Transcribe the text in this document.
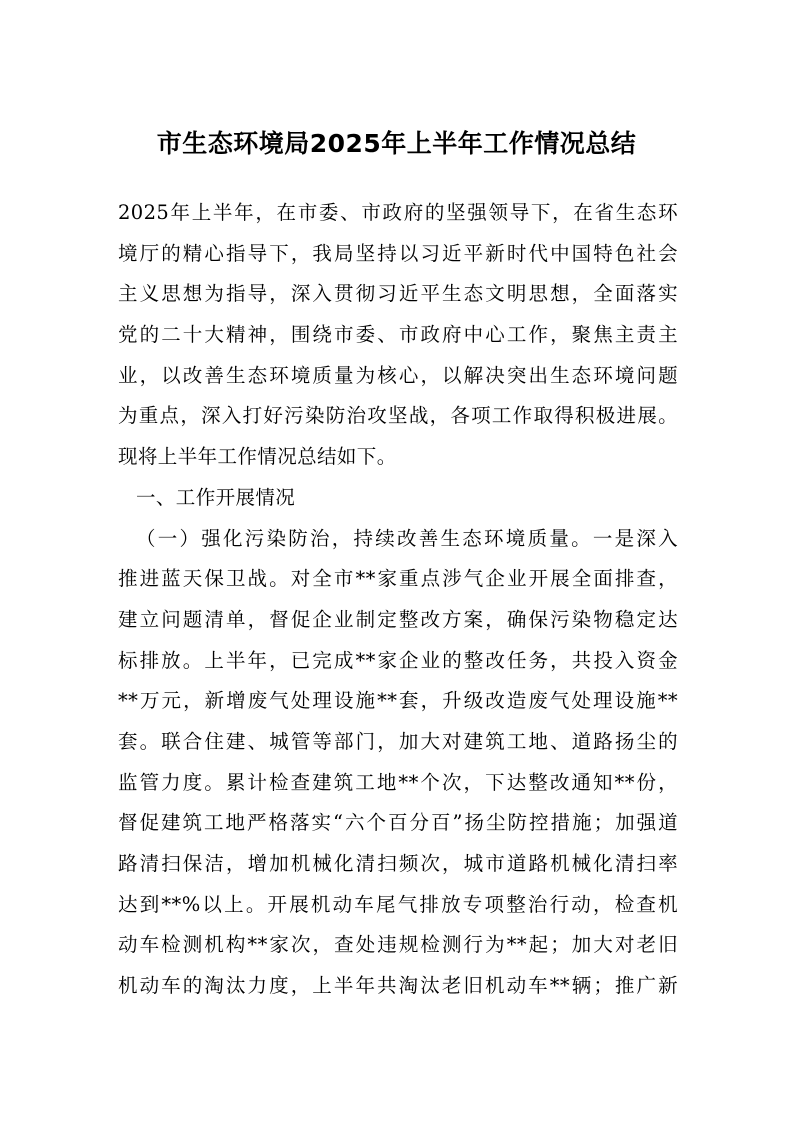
市生态环境局2025年上半年工作情况总结
2025年上半年，在市委、市政府的坚强领导下，在省生态环
境厅的精心指导下，我局坚持以习近平新时代中国特色社会
主义思想为指导，深入贯彻习近平生态文明思想，全面落实
党的二十大精神，围绕市委、市政府中心工作，聚焦主责主
业，以改善生态环境质量为核心，以解决突出生态环境问题
为重点，深入打好污染防治攻坚战，各项工作取得积极进展。
现将上半年工作情况总结如下。
一、工作开展情况
（一）强化污染防治，持续改善生态环境质量。一是深入
推进蓝天保卫战。对全市**家重点涉气企业开展全面排查，
建立问题清单，督促企业制定整改方案，确保污染物稳定达
标排放。上半年，已完成**家企业的整改任务，共投入资金
**万元，新增废气处理设施**套，升级改造废气处理设施**
套。联合住建、城管等部门，加大对建筑工地、道路扬尘的
监管力度。累计检查建筑工地**个次，下达整改通知**份，
督促建筑工地严格落实“六个百分百”扬尘防控措施；加强道
路清扫保洁，增加机械化清扫频次，城市道路机械化清扫率
达到**%以上。开展机动车尾气排放专项整治行动，检查机
动车检测机构**家次，查处违规检测行为**起；加大对老旧
机动车的淘汰力度，上半年共淘汰老旧机动车**辆；推广新
